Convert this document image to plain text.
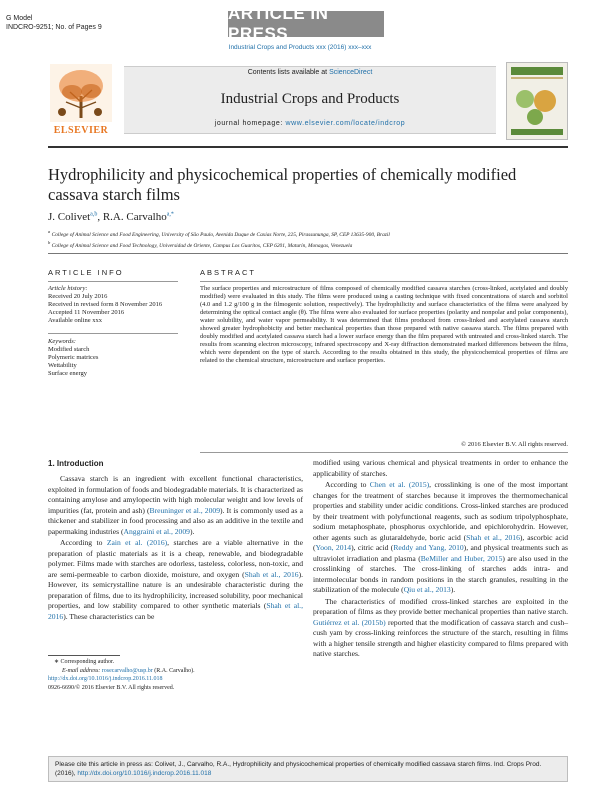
G Model
INDCRO-9251; No. of Pages 9
ARTICLE IN PRESS
Industrial Crops and Products xxx (2016) xxx–xxx
ELSEVIER
Contents lists available at ScienceDirect
Industrial Crops and Products
journal homepage: www.elsevier.com/locate/indcrop
Hydrophilicity and physicochemical properties of chemically modified cassava starch films
J. Colivet$^{a,b}$, R.A. Carvalho$^{a,*}$
$^a$ College of Animal Science and Food Engineering, University of São Paulo, Avenida Duque de Caxias Norte, 225, Pirassununga, SP, CEP 13635-900, Brazil
$^b$ College of Animal Science and Food Technology, Universidad de Oriente, Campus Los Guaritos, CEP 6201, Maturín, Monagas, Venezuela
ARTICLE INFO
Article history:
Received 20 July 2016
Received in revised form 8 November 2016
Accepted 11 November 2016
Available online xxx
Keywords:
Modified starch
Polymeric matrices
Wettability
Surface energy
ABSTRACT
The surface properties and microstructure of films composed of chemically modified cassava starches (cross-linked, acetylated and doubly modified) were evaluated in this study. The films were produced using a casting technique with fixed concentrations of starch and sorbitol (4.0 and 1.2 g/100 g in the filmogenic solution, respectively). The hydrophilicity and surface characteristics of the films were analyzed by determining the optical contact angle (θ). The films were also evaluated for surface properties (polarity and nonpolar and polar components), water solubility, and water vapor permeability. It was determined that films produced from cross-linked and acetylated cassava starch showed greater hydrophobicity and better mechanical properties than those prepared with native cassava starch. The films prepared with doubly modified and acetylated cassava starch had a lower surface energy than the film prepared with untreated and cross-linked starch. The results from scanning electron microscopy, infrared spectroscopy and X-ray diffraction demonstrated marked differences between the films, which were dependent on the type of starch. According to the results obtained in this study, the physicochemical properties of films are related to the chemical structure, microstructure and surface properties.
© 2016 Elsevier B.V. All rights reserved.
1. Introduction

Cassava starch is an ingredient with excellent functional characteristics, exploited in formulation of foods and biodegradable materials. It is characterized as containing amylose and amylopectin with high molecular weight and low levels of impurities (fat, protein and ash) (Breuninger et al., 2009). It is commonly used as a thickener and stabilizer in food processing and also as an additive in the textile and papermaking industries (Anggraini et al., 2009).

According to Zain et al. (2016), starches are a viable alternative in the preparation of plastic materials as it is a cheap, renewable, and biodegradable polymer. Films made with starches are odorless, tasteless, colorless, non-toxic, and are semi-permeable to carbon dioxide, moisture, and oxygen (Shah et al., 2016). However, its semicrystalline nature is an undesirable characteristic during the preparation of films, due to its hydrophilicity, increased solubility, poor mechanical properties, and low stability compared to other synthetic materials (Shah et al., 2016). These characteristics can be

modified using various chemical and physical treatments in order to enhance the applicability of starches.

According to Chen et al. (2015), crosslinking is one of the most important changes for the treatment of starches because it improves the thermomechanical properties and stability under acidic conditions. Cross-linked starches are produced by their treatment with polyfunctional reagents, such as sodium tripolyphosphate, sodium metaphosphate, phosphorus oxychloride, and epichlorohydrin. However, other agents such as glutaraldehyde, boric acid (Shah et al., 2016), ascorbic acid (Yoon, 2014), citric acid (Reddy and Yang, 2010), and physical treatments such as ultraviolet irradiation and plasma (BeMiller and Huber, 2015) are also used in the crosslinking of starches. The cross-linking of starches adds intra- and intermolecular bonds in random positions in the starch granules, resulting in the stabilization of the molecule (Qiu et al., 2013).

The characteristics of modified cross-linked starches are exploited in the preparation of films as they provide better mechanical properties than native starch. Gutiérrez et al. (2015b) reported that the modification of cassava starch and cush–cush yam by cross-linking reinforces the structure of the starch, resulting in films with a higher tensile strength and higher elasticity compared to films prepared with native starches.

∗ Corresponding author.
E-mail address: rosecarvalho@usp.br (R.A. Carvalho).
http://dx.doi.org/10.1016/j.indcrop.2016.11.018
0926-6690/© 2016 Elsevier B.V. All rights reserved.
Please cite this article in press as: Colivet, J., Carvalho, R.A., Hydrophilicity and physicochemical properties of chemically modified cassava starch films. Ind. Crops Prod. (2016), http://dx.doi.org/10.1016/j.indcrop.2016.11.018
